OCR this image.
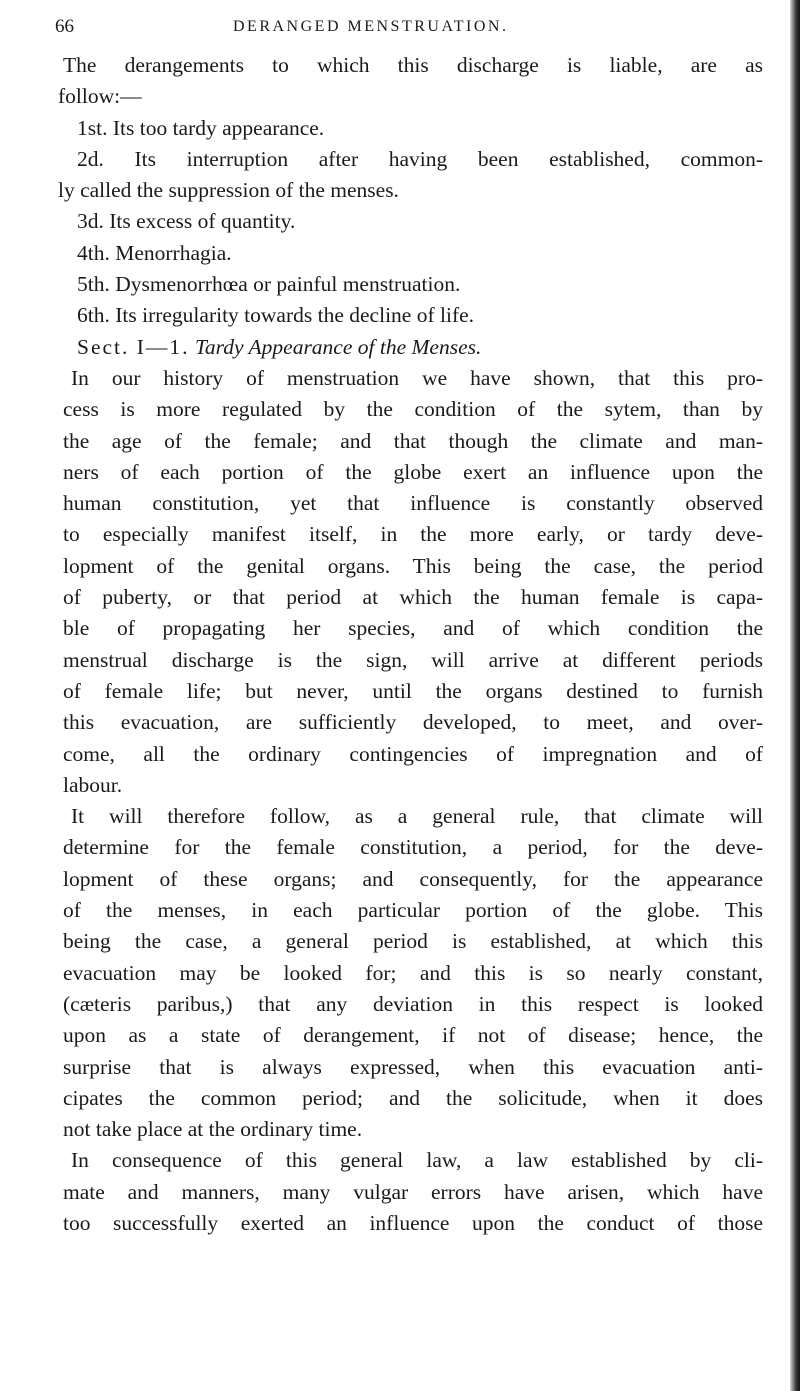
66	DERANGED MENSTRUATION.
The derangements to which this discharge is liable, are as
follow:—
1st. Its too tardy appearance.
2d. Its interruption after having been established, common-
ly called the suppression of the menses.
3d. Its excess of quantity.
4th. Menorrhagia.
5th. Dysmenorrhœa or painful menstruation.
6th. Its irregularity towards the decline of life.
Sect. I—1. Tardy Appearance of the Menses.
In our history of menstruation we have shown, that this pro-
cess is more regulated by the condition of the sytem, than by
the age of the female; and that though the climate and man-
ners of each portion of the globe exert an influence upon the
human constitution, yet that influence is constantly observed
to especially manifest itself, in the more early, or tardy deve-
lopment of the genital organs. This being the case, the period
of puberty, or that period at which the human female is capa-
ble of propagating her species, and of which condition the
menstrual discharge is the sign, will arrive at different periods
of female life; but never, until the organs destined to furnish
this evacuation, are sufficiently developed, to meet, and over-
come, all the ordinary contingencies of impregnation and of
labour.
It will therefore follow, as a general rule, that climate will
determine for the female constitution, a period, for the deve-
lopment of these organs; and consequently, for the appearance
of the menses, in each particular portion of the globe. This
being the case, a general period is established, at which this
evacuation may be looked for; and this is so nearly constant,
(cæteris paribus,) that any deviation in this respect is looked
upon as a state of derangement, if not of disease; hence, the
surprise that is always expressed, when this evacuation anti-
cipates the common period; and the solicitude, when it does
not take place at the ordinary time.
In consequence of this general law, a law established by cli-
mate and manners, many vulgar errors have arisen, which have
too successfully exerted an influence upon the conduct of those
